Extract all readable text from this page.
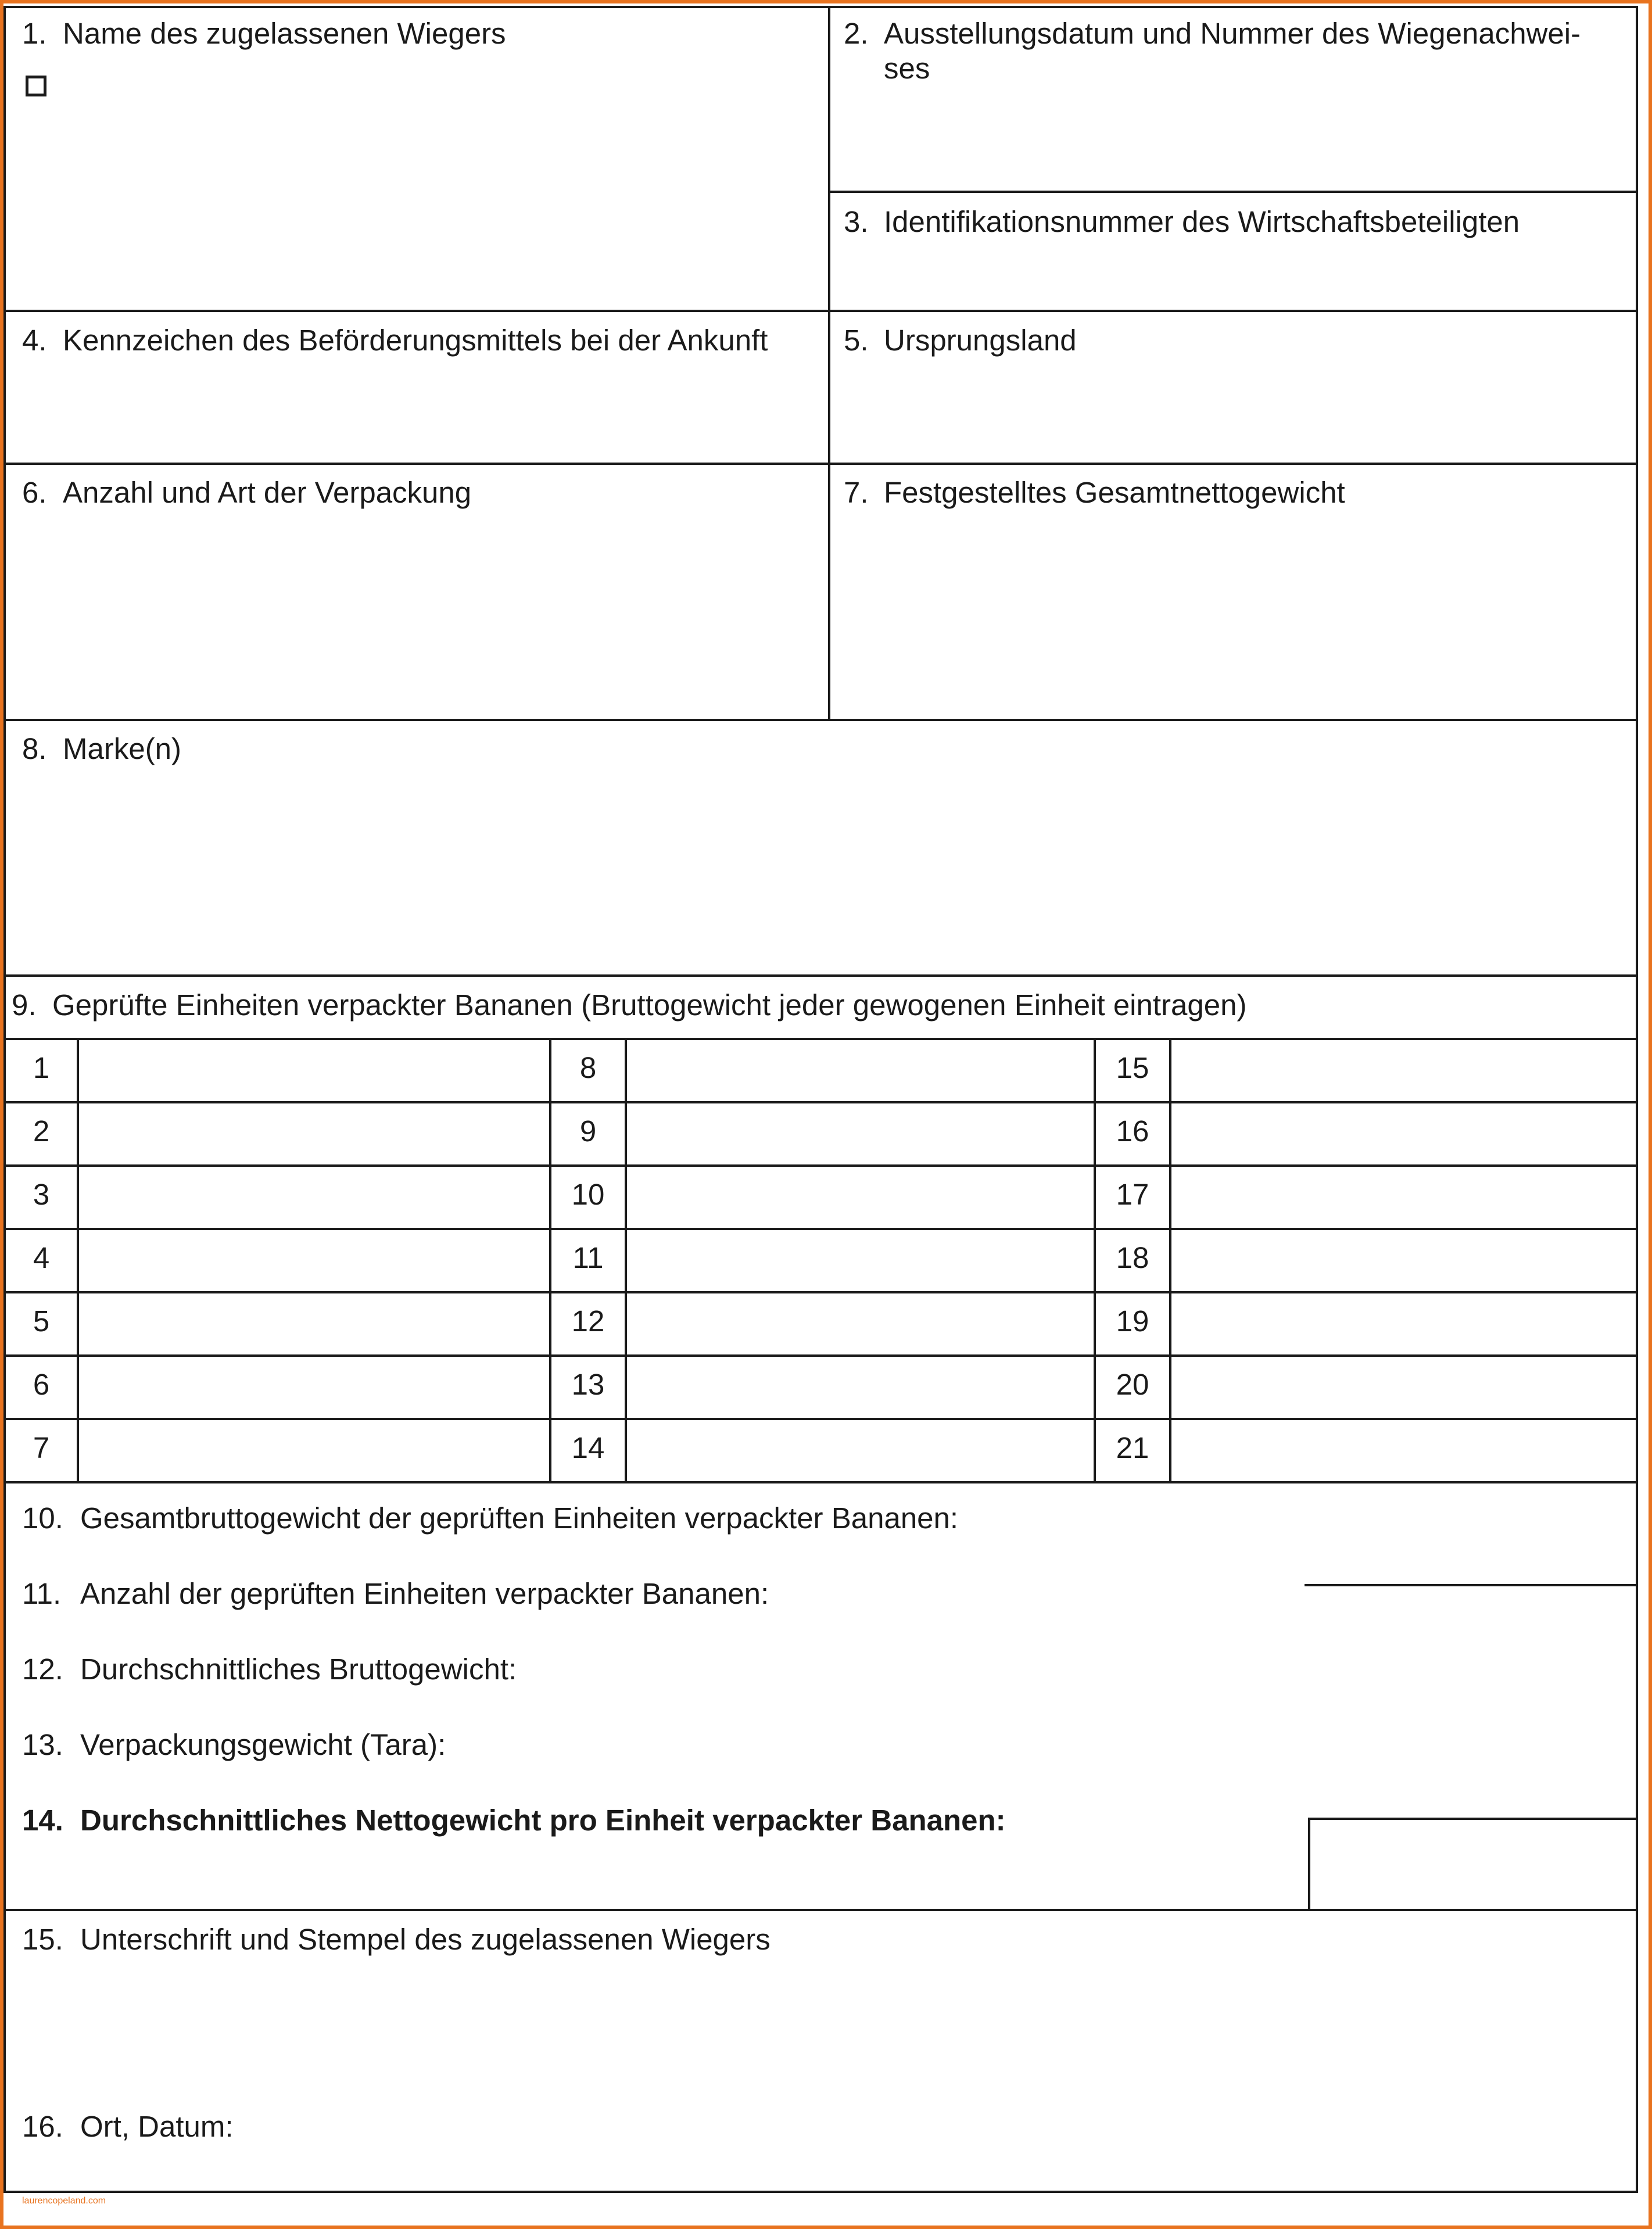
1. Name des zugelassenen Wiegers	2. Ausstellungsdatum und Nummer des Wiegenachwei-
ses
3. Identifikationsnummer des Wirtschaftsbeteiligten
4. Kennzeichen des Beförderungsmittels bei der Ankunft	5. Ursprungsland
6. Anzahl und Art der Verpackung	7. Festgestelltes Gesamtnettogewicht
8. Marke(n)
9. Geprüfte Einheiten verpackter Bananen (Bruttogewicht jeder gewogenen Einheit eintragen)
1	8	15
2	9	16
3	10	17
4	11	18
5	12	19
6	13	20
7	14	21
10. Gesamtbruttogewicht der geprüften Einheiten verpackter Bananen:
11. Anzahl der geprüften Einheiten verpackter Bananen:
12. Durchschnittliches Bruttogewicht:
13. Verpackungsgewicht (Tara):
14. Durchschnittliches Nettogewicht pro Einheit verpackter Bananen:
15. Unterschrift und Stempel des zugelassenen Wiegers
16. Ort, Datum:
laurencopeland.com
